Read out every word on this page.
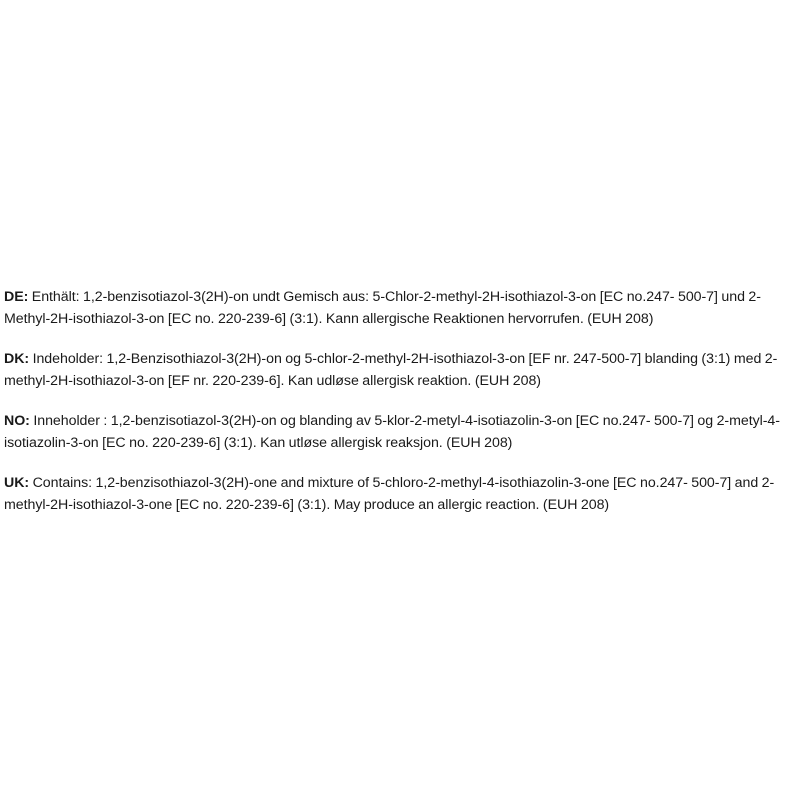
DE: Enthält: 1,2-benzisotiazol-3(2H)-on undt Gemisch aus: 5-Chlor-2-methyl-2H-isothiazol-3-on [EC no.247- 500-7] und 2-Methyl-2H-isothiazol-3-on [EC no. 220-239-6] (3:1). Kann allergische Reaktionen hervorrufen. (EUH 208)

DK: Indeholder: 1,2-Benzisothiazol-3(2H)-on og 5-chlor-2-methyl-2H-isothiazol-3-on [EF nr. 247-500-7] blanding (3:1) med 2-methyl-2H-isothiazol-3-on [EF nr. 220-239-6]. Kan udløse allergisk reaktion. (EUH 208)

NO: Inneholder : 1,2-benzisotiazol-3(2H)-on og blanding av 5-klor-2-metyl-4-isotiazolin-3-on [EC no.247- 500-7] og 2-metyl-4-isotiazolin-3-on [EC no. 220-239-6] (3:1). Kan utløse allergisk reaksjon. (EUH 208)

UK: Contains: 1,2-benzisothiazol-3(2H)-one and mixture of 5-chloro-2-methyl-4-isothiazolin-3-one [EC no.247- 500-7] and 2-methyl-2H-isothiazol-3-one [EC no. 220-239-6] (3:1). May produce an allergic reaction. (EUH 208)
